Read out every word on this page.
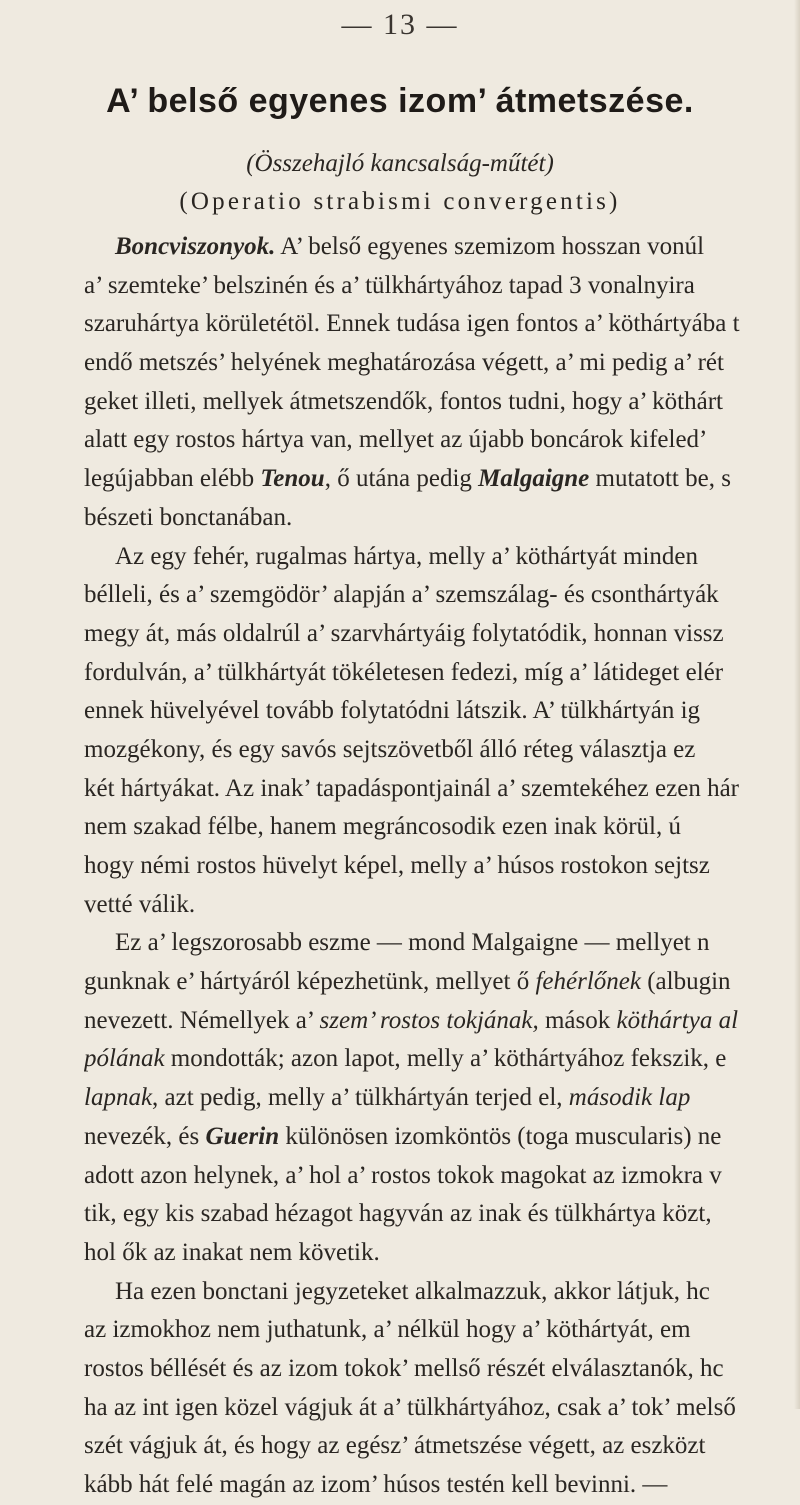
— 13 —
A’ belső egyenes izom’ átmetszése.
(Összehajló kancsalság-műtét)
(Operatio strabismi convergentis)
Boncviszonyok. A’ belső egyenes szemizom hosszan vonúl
a’ szemteke’ belszinén és a’ tülkhártyához tapad 3 vonalnyira
szaruhártya körületétöl. Ennek tudása igen fontos a’ köthártyába t
endő metszés’ helyének meghatározása végett, a’ mi pedig a’ rét
geket illeti, mellyek átmetszendők, fontos tudni, hogy a’ köthárt
alatt egy rostos hártya van, mellyet az újabb boncárok kifeled’
legújabban elébb Tenou, ő utána pedig Malgaigne mutatott be, s
bészeti bonctanában.
Az egy fehér, rugalmas hártya, melly a’ köthártyát minden
bélleli, és a’ szemgödör’ alapján a’ szemszálag- és csonthártyák
megy át, más oldalrúl a’ szarvhártyáig folytatódik, honnan vissz
fordulván, a’ tülkhártyát tökéletesen fedezi, míg a’ látideget elér
ennek hüvelyével tovább folytatódni látszik. A’ tülkhártyán ig
mozgékony, és egy savós sejtszövetből álló réteg választja ez
két hártyákat. Az inak’ tapadáspontjainál a’ szemtekéhez ezen hár
nem szakad félbe, hanem megráncosodik ezen inak körül, ú
hogy némi rostos hüvelyt képel, melly a’ húsos rostokon sejtsz
vetté válik.
Ez a’ legszorosabb eszme — mond Malgaigne — mellyet n
gunknak e’ hártyáról képezhetünk, mellyet ő fehérlőnek (albugin
nevezett. Némellyek a’ szem’ rostos tokjának, mások köthártya al
pólának mondották; azon lapot, melly a’ köthártyához fekszik, e
lapnak, azt pedig, melly a’ tülkhártyán terjed el, második lap
nevezék, és Guerin különösen izomköntös (toga muscularis) ne
adott azon helynek, a’ hol a’ rostos tokok magokat az izmokra v
tik, egy kis szabad hézagot hagyván az inak és tülkhártya közt,
hol ők az inakat nem követik.
Ha ezen bonctani jegyzeteket alkalmazzuk, akkor látjuk, hc
az izmokhoz nem juthatunk, a’ nélkül hogy a’ köthártyát, em
rostos béllését és az izom tokok’ mellső részét elválasztanók, hc
ha az int igen közel vágjuk át a’ tülkhártyához, csak a’ tok’ melső
szét vágjuk át, és hogy az egész’ átmetszése végett, az eszközt
kább hát felé magán az izom’ húsos testén kell bevinni. —
